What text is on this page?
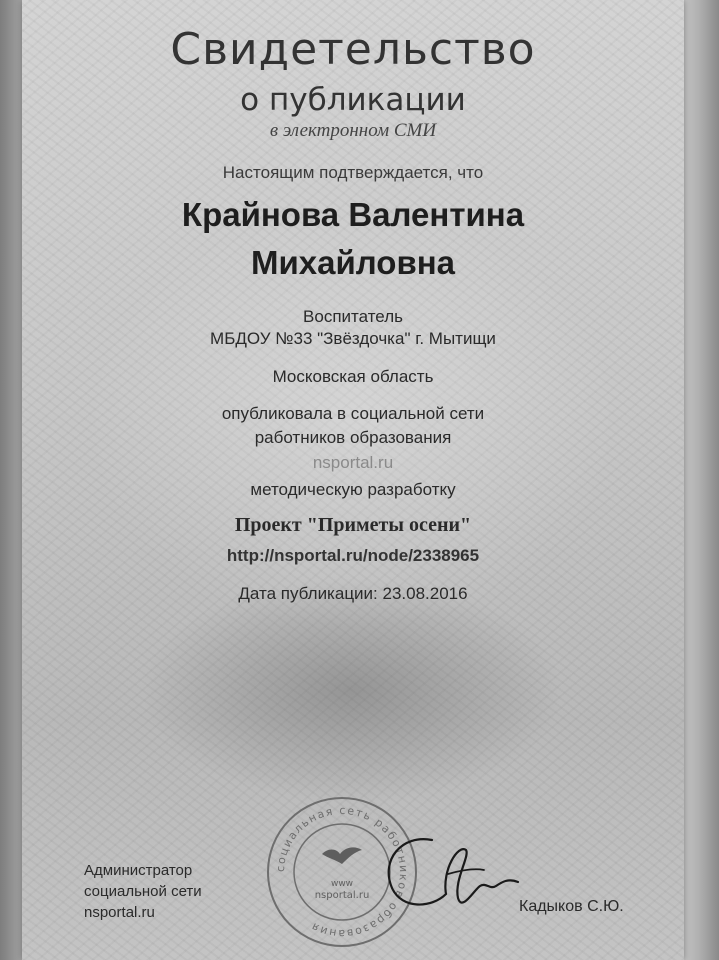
Свидетельство
о публикации
в электронном СМИ
Настоящим подтверждается, что
Крайнова Валентина
Михайловна
Воспитатель
МБДОУ №33 "Звёздочка" г. Мытищи
Московская область
опубликовала в социальной сети
работников образования
nsportal.ru
методическую разработку
Проект "Приметы осени"
http://nsportal.ru/node/2338965
Дата публикации: 23.08.2016
Администратор
социальной сети
nsportal.ru
социальная сеть работников образования
www
nsportal.ru
Кадыков С.Ю.
